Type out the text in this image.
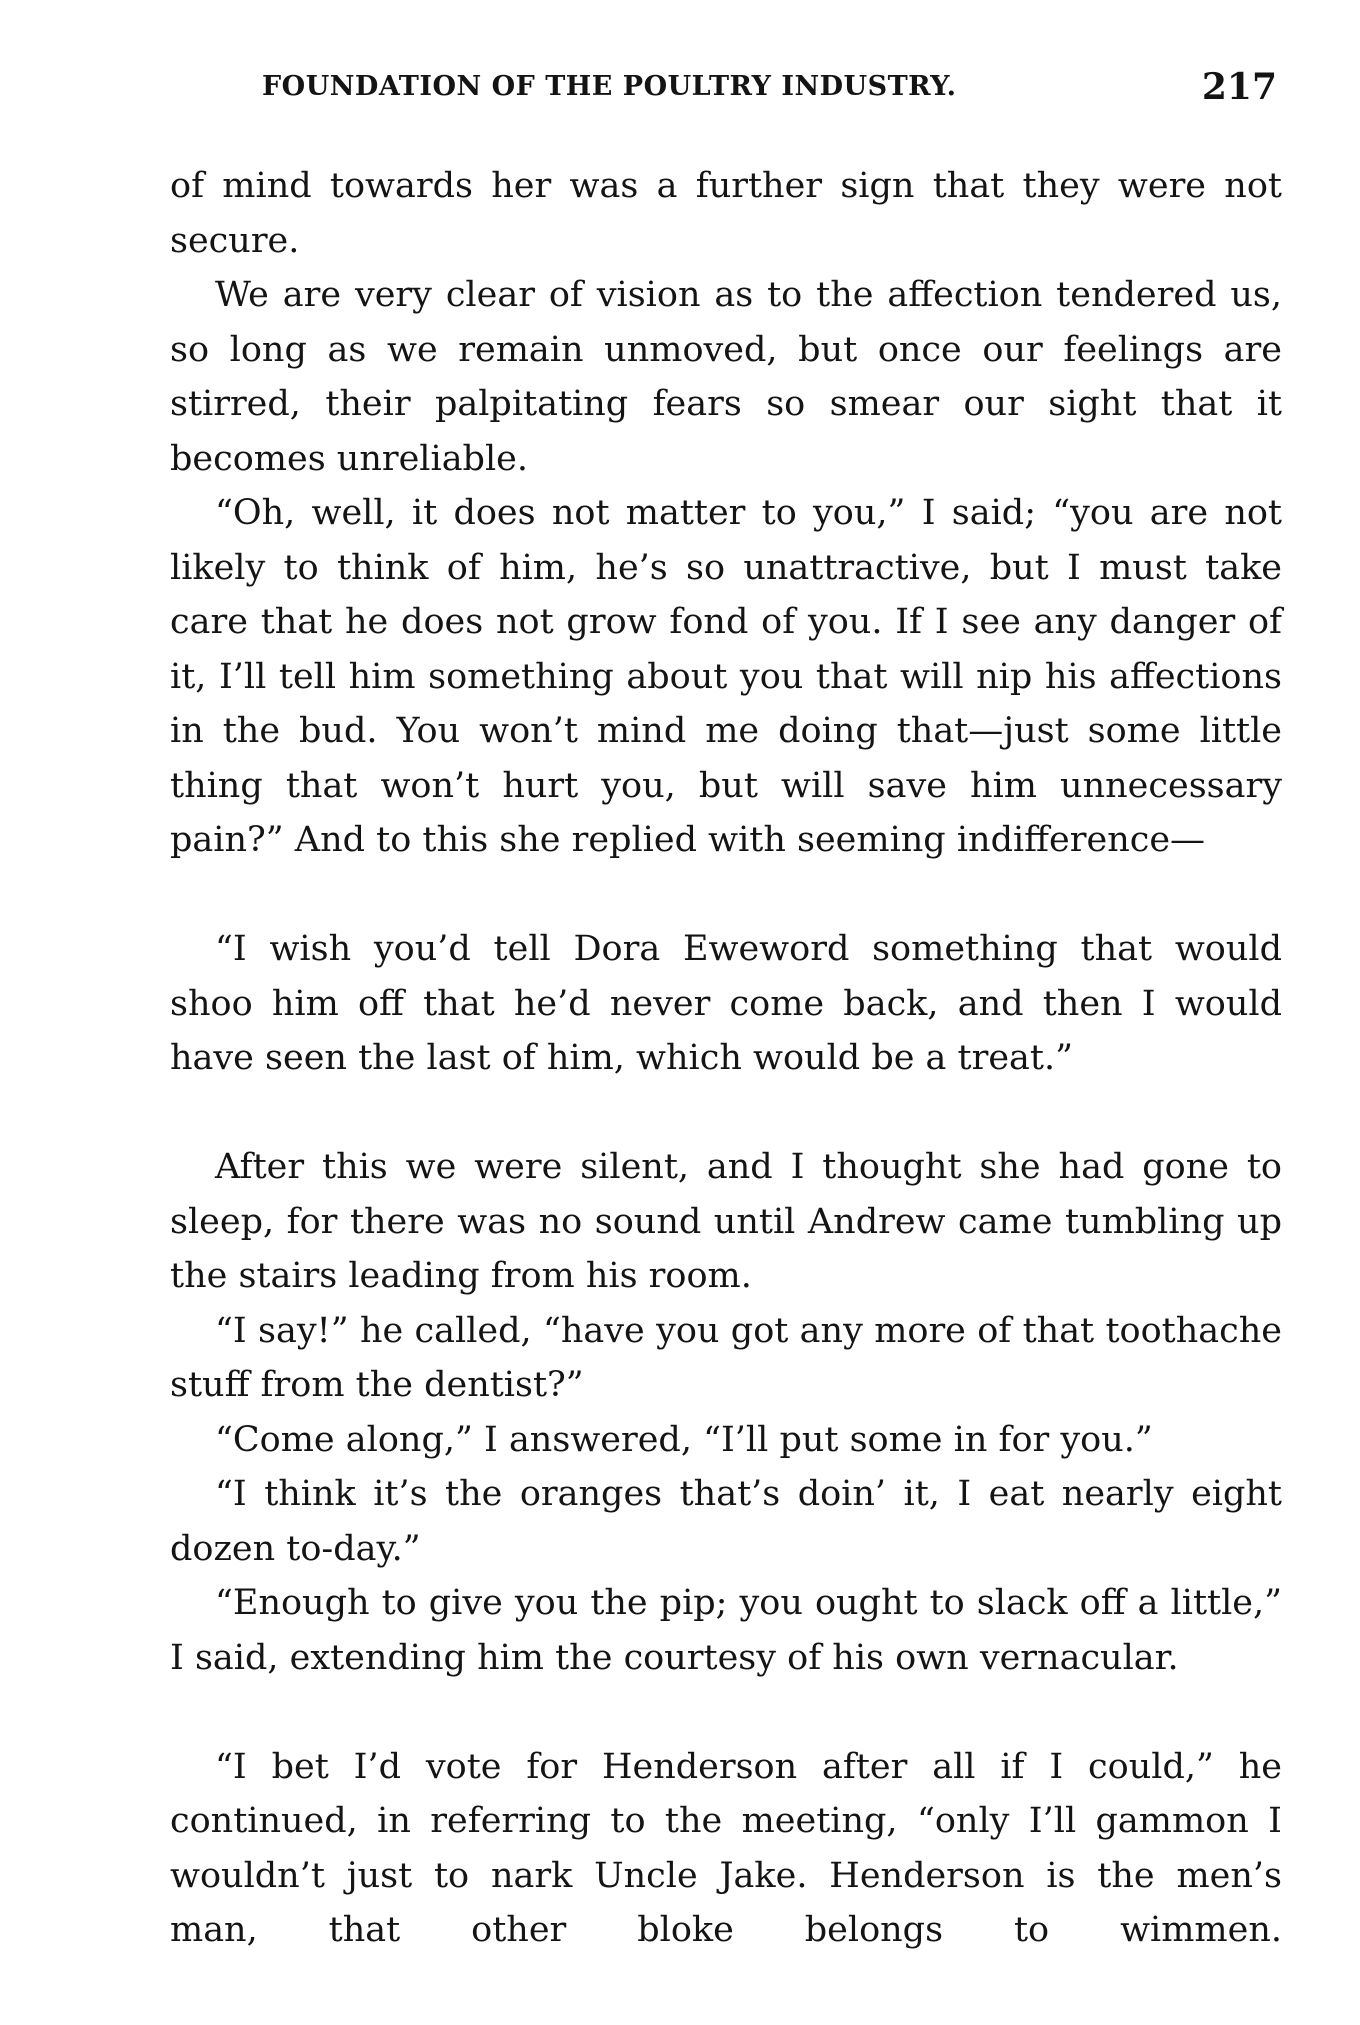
FOUNDATION OF THE POULTRY INDUSTRY.	217

of mind towards her was a further sign that they were not secure.

We are very clear of vision as to the affection tendered us, so long as we remain unmoved, but once our feelings are stirred, their palpitating fears so smear our sight that it becomes unreliable.

“Oh, well, it does not matter to you,” I said; “you are not likely to think of him, he’s so unattractive, but I must take care that he does not grow fond of you. If I see any danger of it, I’ll tell him something about you that will nip his affections in the bud. You won’t mind me doing that—just some little thing that won’t hurt you, but will save him unnecessary pain?” And to this she replied with seeming indifference—

“I wish you’d tell Dora Eweword something that would shoo him off that he’d never come back, and then I would have seen the last of him, which would be a treat.”

After this we were silent, and I thought she had gone to sleep, for there was no sound until Andrew came tumbling up the stairs leading from his room.

“I say!” he called, “have you got any more of that toothache stuff from the dentist?”

“Come along,” I answered, “I’ll put some in for you.”

“I think it’s the oranges that’s doin’ it, I eat nearly eight dozen to-day.”

“Enough to give you the pip; you ought to slack off a little,” I said, extending him the courtesy of his own vernacular.

“I bet I’d vote for Henderson after all if I could,” he continued, in referring to the meeting, “only I’ll gammon I wouldn’t just to nark Uncle Jake. Henderson is the men’s man, that other bloke belongs to wimmen.
